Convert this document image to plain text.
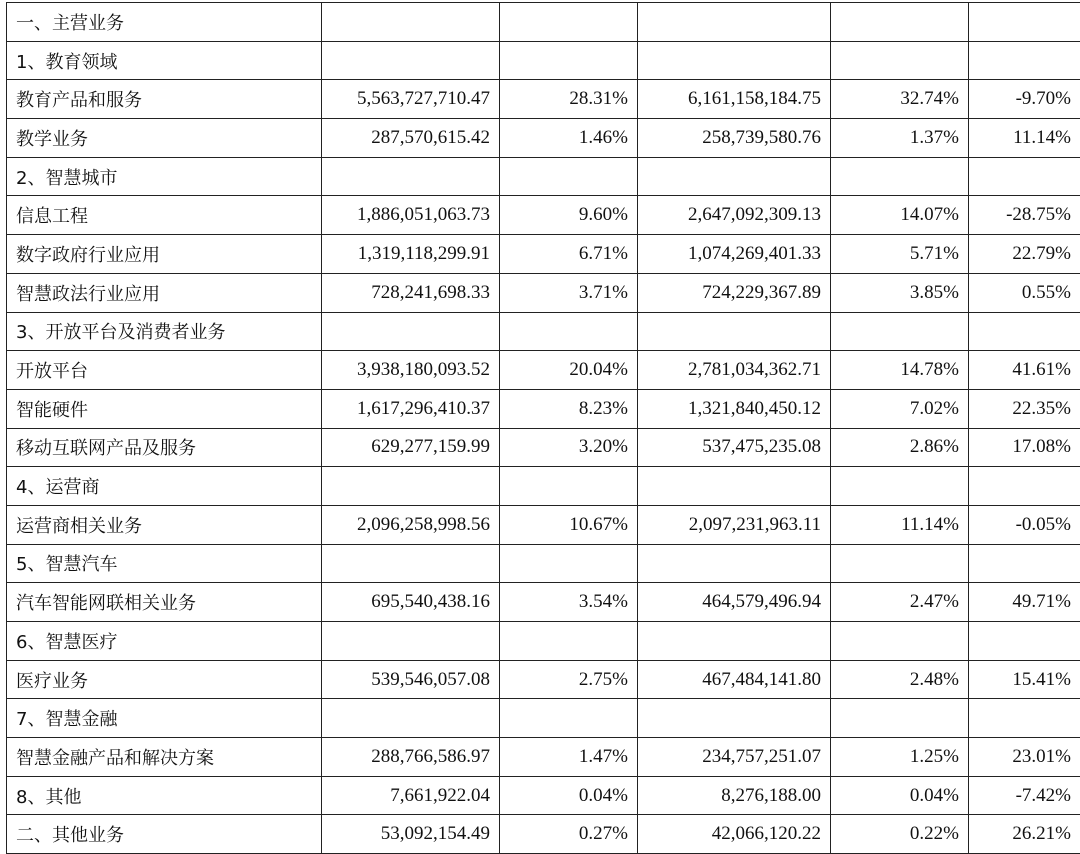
一、主营业务					
1、教育领域					
教育产品和服务	5,563,727,710.47	28.31%	6,161,158,184.75	32.74%	-9.70%
教学业务	287,570,615.42	1.46%	258,739,580.76	1.37%	11.14%
2、智慧城市					
信息工程	1,886,051,063.73	9.60%	2,647,092,309.13	14.07%	-28.75%
数字政府行业应用	1,319,118,299.91	6.71%	1,074,269,401.33	5.71%	22.79%
智慧政法行业应用	728,241,698.33	3.71%	724,229,367.89	3.85%	0.55%
3、开放平台及消费者业务					
开放平台	3,938,180,093.52	20.04%	2,781,034,362.71	14.78%	41.61%
智能硬件	1,617,296,410.37	8.23%	1,321,840,450.12	7.02%	22.35%
移动互联网产品及服务	629,277,159.99	3.20%	537,475,235.08	2.86%	17.08%
4、运营商					
运营商相关业务	2,096,258,998.56	10.67%	2,097,231,963.11	11.14%	-0.05%
5、智慧汽车					
汽车智能网联相关业务	695,540,438.16	3.54%	464,579,496.94	2.47%	49.71%
6、智慧医疗					
医疗业务	539,546,057.08	2.75%	467,484,141.80	2.48%	15.41%
7、智慧金融					
智慧金融产品和解决方案	288,766,586.97	1.47%	234,757,251.07	1.25%	23.01%
8、其他	7,661,922.04	0.04%	8,276,188.00	0.04%	-7.42%
二、其他业务	53,092,154.49	0.27%	42,066,120.22	0.22%	26.21%
